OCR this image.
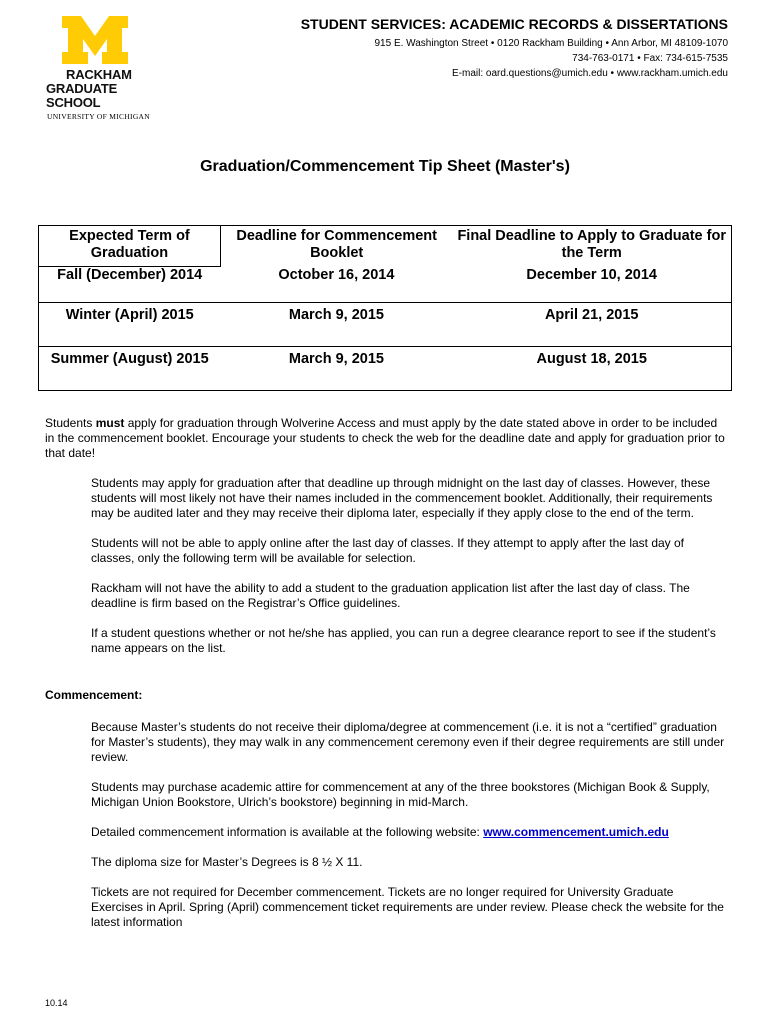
RACKHAM
GRADUATE SCHOOL
UNIVERSITY OF MICHIGAN
STUDENT SERVICES: ACADEMIC RECORDS & DISSERTATIONS
915 E. Washington Street • 0120 Rackham Building • Ann Arbor, MI 48109-1070
734-763-0171 • Fax: 734-615-7535
E-mail: oard.questions@umich.edu • www.rackham.umich.edu
Graduation/Commencement Tip Sheet (Master's)
Expected Term of Graduation	Deadline for Commencement Booklet	Final Deadline to Apply to Graduate for the Term
Fall (December) 2014	October 16, 2014	December 10, 2014
Winter (April) 2015	March 9, 2015	April 21, 2015
Summer (August) 2015	March 9, 2015	August 18, 2015

Students must apply for graduation through Wolverine Access and must apply by the date stated above in order to be included in the commencement booklet. Encourage your students to check the web for the deadline date and apply for graduation prior to that date!

Students may apply for graduation after that deadline up through midnight on the last day of classes. However, these students will most likely not have their names included in the commencement booklet. Additionally, their requirements may be audited later and they may receive their diploma later, especially if they apply close to the end of the term.

Students will not be able to apply online after the last day of classes. If they attempt to apply after the last day of classes, only the following term will be available for selection.

Rackham will not have the ability to add a student to the graduation application list after the last day of class. The deadline is firm based on the Registrar’s Office guidelines.

If a student questions whether or not he/she has applied, you can run a degree clearance report to see if the student’s name appears on the list.

Commencement:

Because Master’s students do not receive their diploma/degree at commencement (i.e. it is not a “certified” graduation for Master’s students), they may walk in any commencement ceremony even if their degree requirements are still under review.

Students may purchase academic attire for commencement at any of the three bookstores (Michigan Book & Supply, Michigan Union Bookstore, Ulrich’s bookstore) beginning in mid-March.

Detailed commencement information is available at the following website: www.commencement.umich.edu

The diploma size for Master’s Degrees is 8 ½ X 11.

Tickets are not required for December commencement. Tickets are no longer required for University Graduate Exercises in April. Spring (April) commencement ticket requirements are under review. Please check the website for the latest information

10.14
